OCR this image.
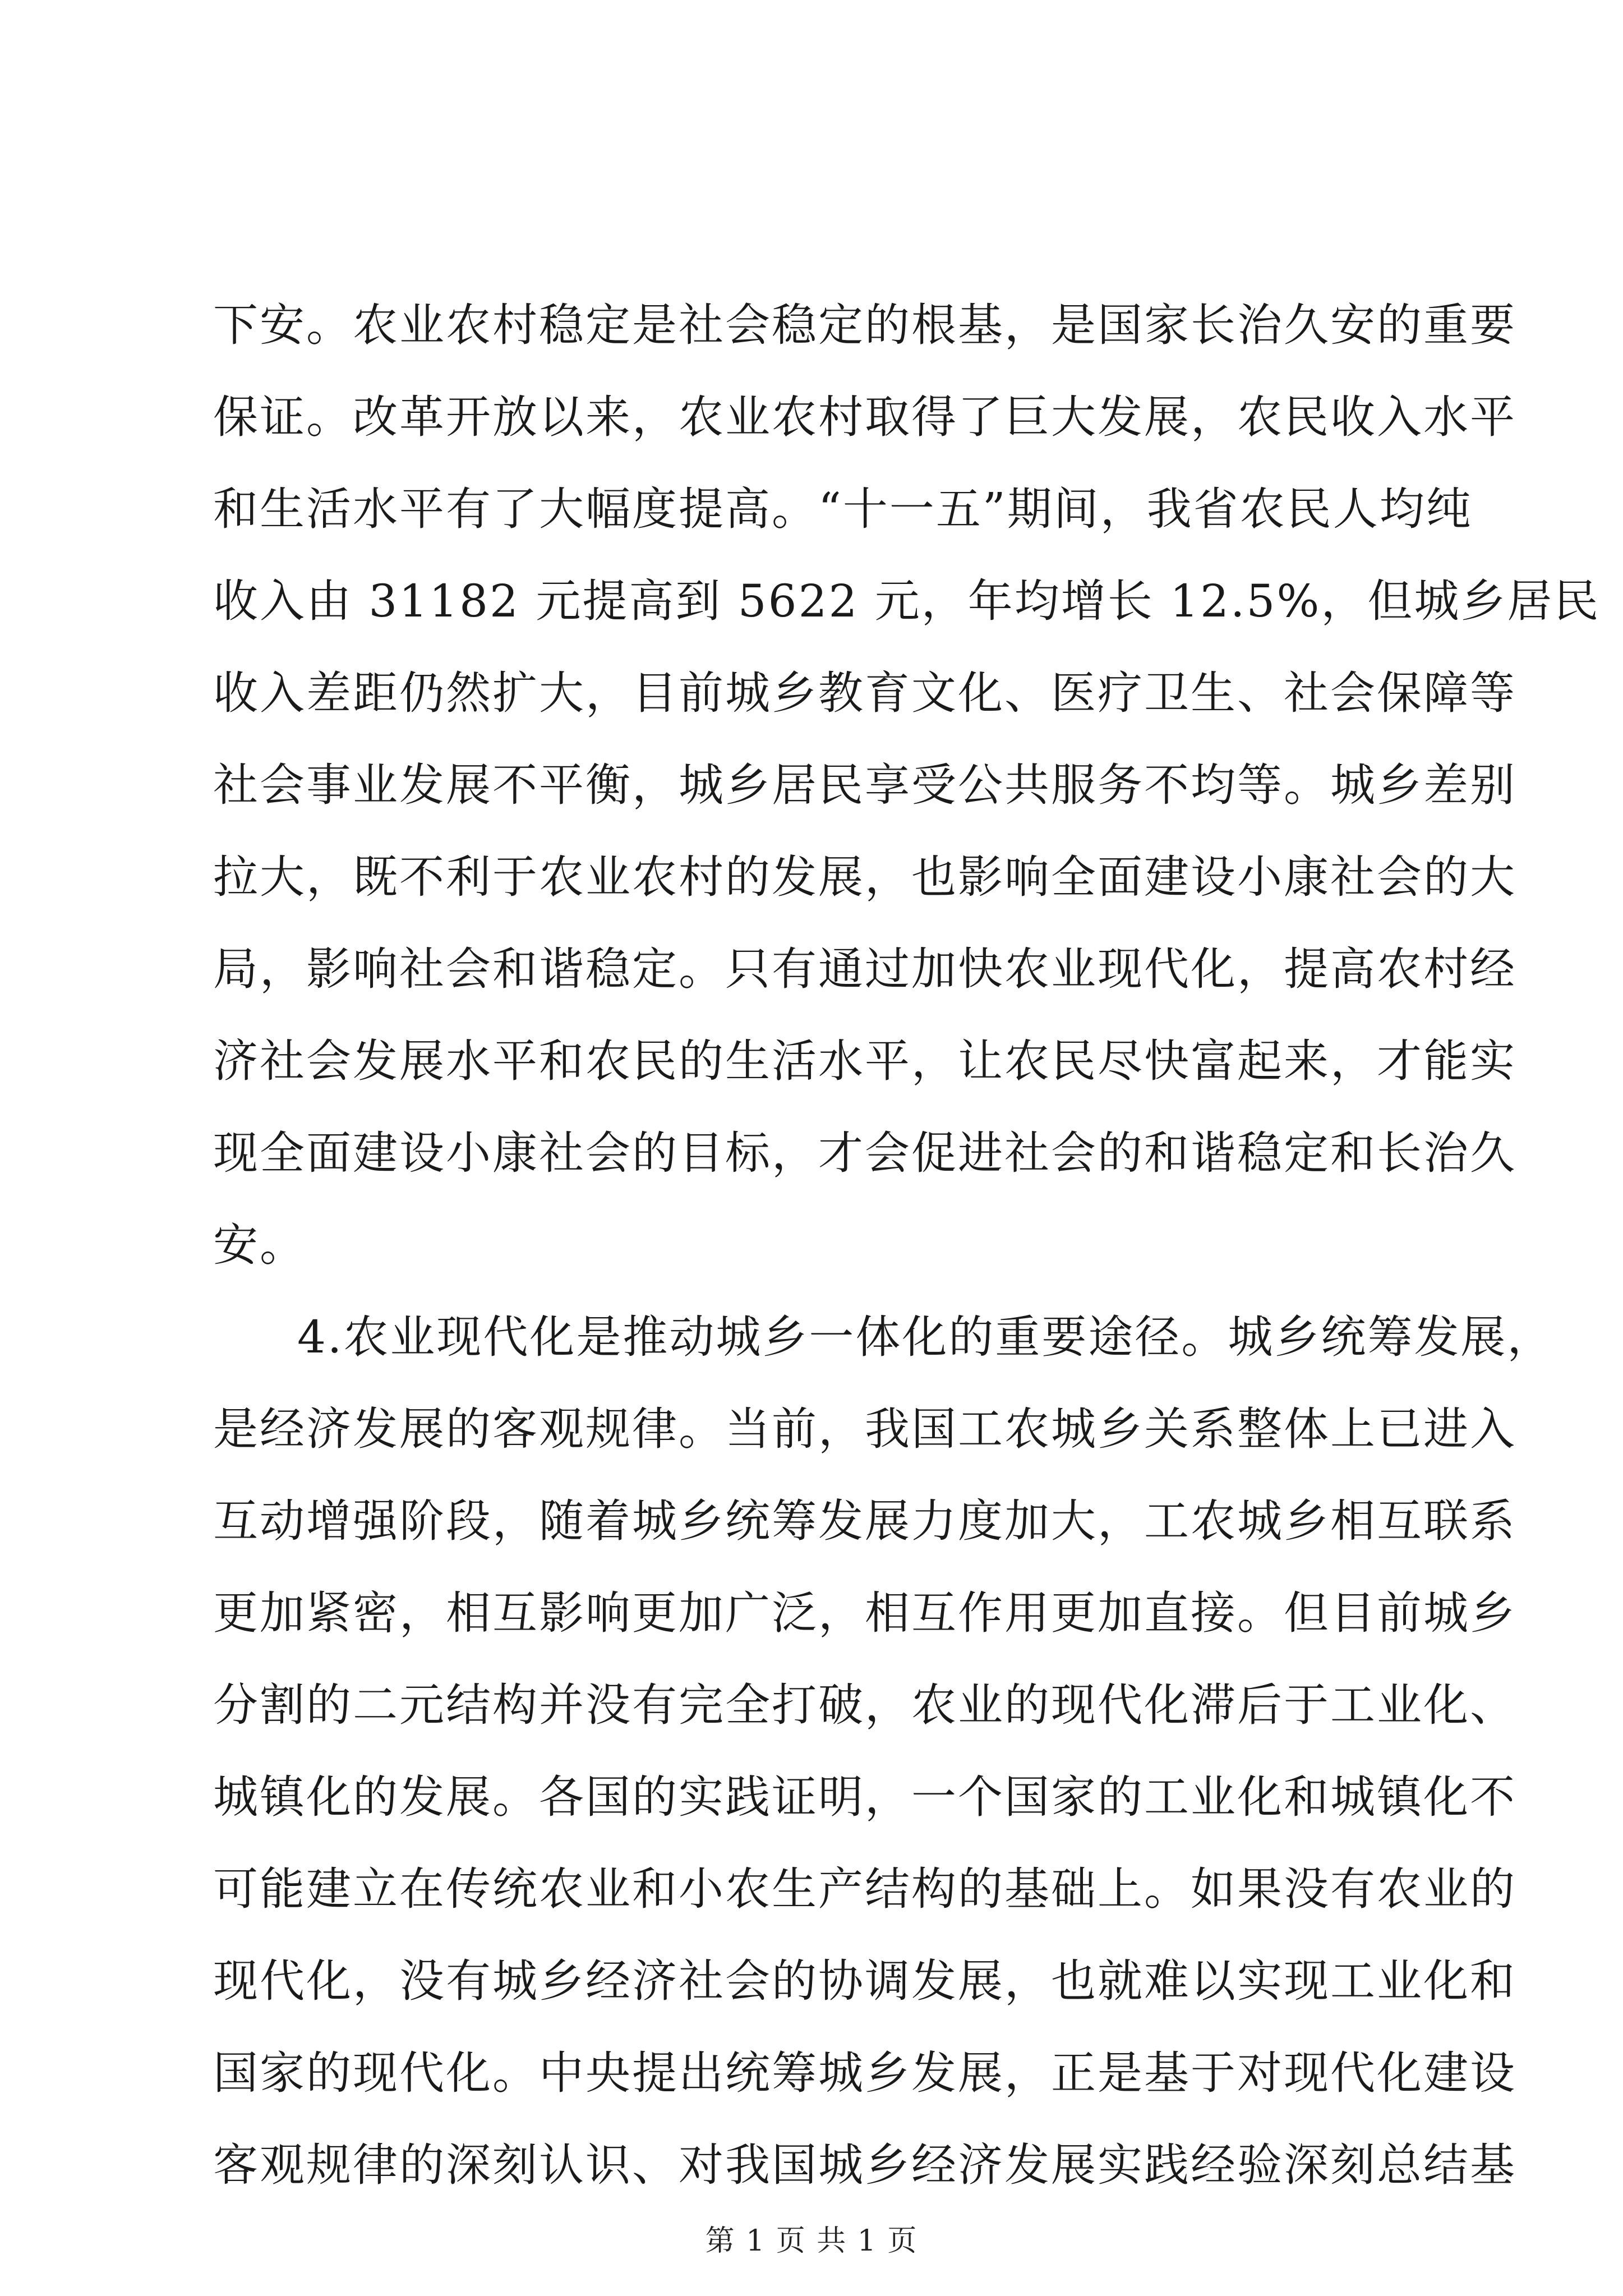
下安。农业农村稳定是社会稳定的根基，是国家长治久安的重要
保证。改革开放以来，农业农村取得了巨大发展，农民收入水平
和生活水平有了大幅度提高。“十一五”期间，我省农民人均纯
收入由 31182 元提高到 5622 元，年均增长 12.5%，但城乡居民
收入差距仍然扩大，目前城乡教育文化、医疗卫生、社会保障等
社会事业发展不平衡，城乡居民享受公共服务不均等。城乡差别
拉大，既不利于农业农村的发展，也影响全面建设小康社会的大
局，影响社会和谐稳定。只有通过加快农业现代化，提高农村经
济社会发展水平和农民的生活水平，让农民尽快富起来，才能实
现全面建设小康社会的目标，才会促进社会的和谐稳定和长治久
安。
4.农业现代化是推动城乡一体化的重要途径。城乡统筹发展，
是经济发展的客观规律。当前，我国工农城乡关系整体上已进入
互动增强阶段，随着城乡统筹发展力度加大，工农城乡相互联系
更加紧密，相互影响更加广泛，相互作用更加直接。但目前城乡
分割的二元结构并没有完全打破，农业的现代化滞后于工业化、
城镇化的发展。各国的实践证明，一个国家的工业化和城镇化不
可能建立在传统农业和小农生产结构的基础上。如果没有农业的
现代化，没有城乡经济社会的协调发展，也就难以实现工业化和
国家的现代化。中央提出统筹城乡发展，正是基于对现代化建设
客观规律的深刻认识、对我国城乡经济发展实践经验深刻总结基
第 1 页 共 1 页
